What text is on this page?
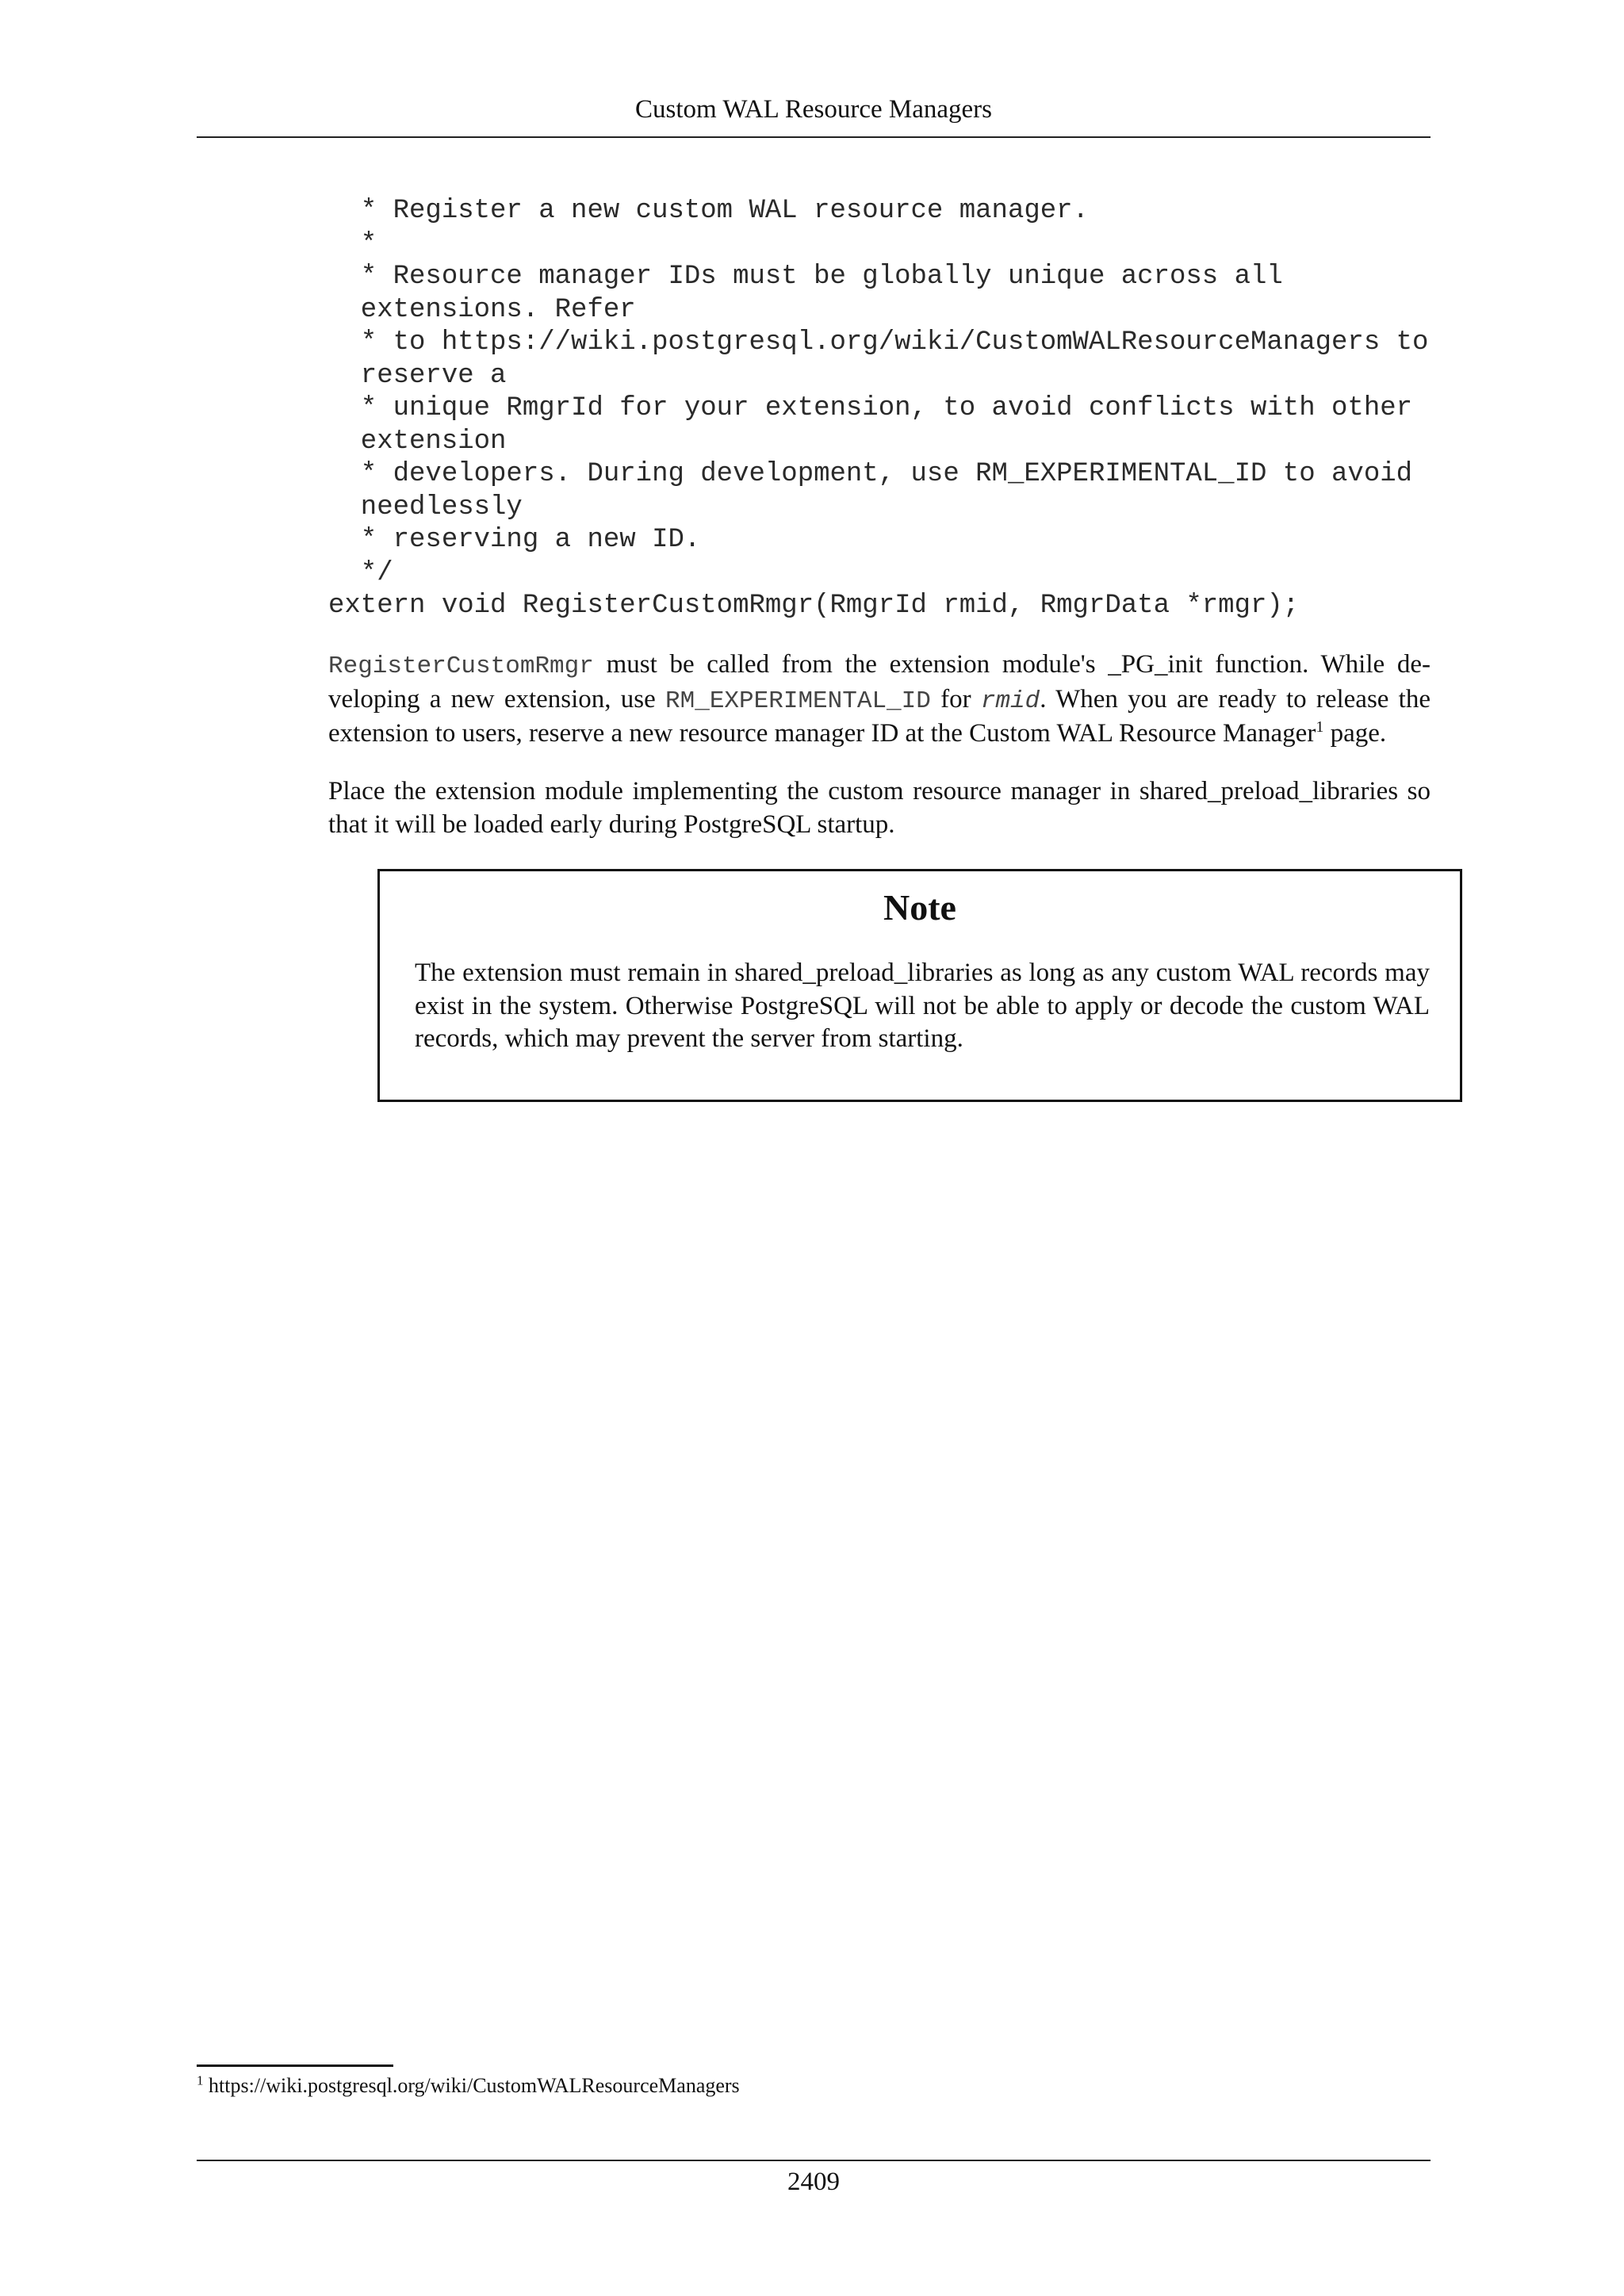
Custom WAL Resource Managers
* Register a new custom WAL resource manager.
*
* Resource manager IDs must be globally unique across all
extensions. Refer
* to https://wiki.postgresql.org/wiki/CustomWALResourceManagers to
reserve a
* unique RmgrId for your extension, to avoid conflicts with other
extension
* developers. During development, use RM_EXPERIMENTAL_ID to avoid
needlessly
* reserving a new ID.
*/
extern void RegisterCustomRmgr(RmgrId rmid, RmgrData *rmgr);

RegisterCustomRmgr must be called from the extension module's _PG_init function. While de-veloping a new extension, use RM_EXPERIMENTAL_ID for rmid. When you are ready to release the extension to users, reserve a new resource manager ID at the Custom WAL Resource Manager$^1$ page.

Place the extension module implementing the custom resource manager in shared_preload_libraries so that it will be loaded early during PostgreSQL startup.

Note

The extension must remain in shared_preload_libraries as long as any custom WAL records may exist in the system. Otherwise PostgreSQL will not be able to apply or decode the custom WAL records, which may prevent the server from starting.

$^1$ https://wiki.postgresql.org/wiki/CustomWALResourceManagers
2409
